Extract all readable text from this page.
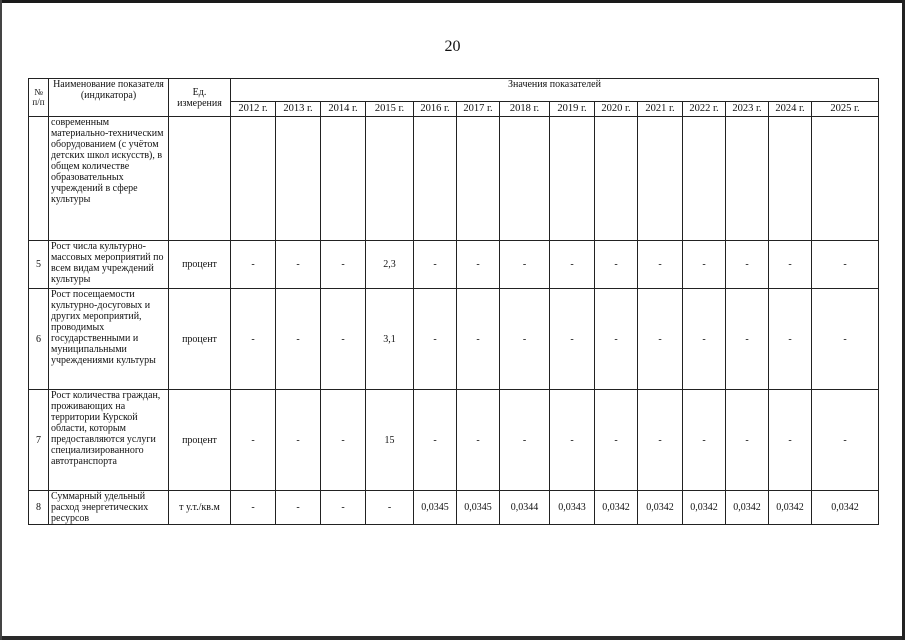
20
№ п/п	Наименование показателя (индикатора)	Ед. измерения	Значения показателей													
			2012 г.	2013 г.	2014 г.	2015 г.	2016 г.	2017 г.	2018 г.	2019 г.	2020 г.	2021 г.	2022 г.	2023 г.	2024 г.	2025 г.
	современным материально-техническим оборудованием (с учётом детских школ искусств), в общем количестве образовательных учреждений в сфере культуры															
5	Рост числа культурно-массовых мероприятий по всем видам учреждений культуры	процент	-	-	-	2,3	-	-	-	-	-	-	-	-	-	-
6	Рост посещаемости культурно-досуговых и других мероприятий, проводимых государственными и муниципальными учреждениями культуры	процент	-	-	-	3,1	-	-	-	-	-	-	-	-	-	-
7	Рост количества граждан, проживающих на территории Курской области, которым предоставляются услуги специализированного автотранспорта	процент	-	-	-	15	-	-	-	-	-	-	-	-	-	-
8	Суммарный удельный расход энергетических ресурсов	т у.т./кв.м	-	-	-	-	0,0345	0,0345	0,0344	0,0343	0,0342	0,0342	0,0342	0,0342	0,0342	0,0342
